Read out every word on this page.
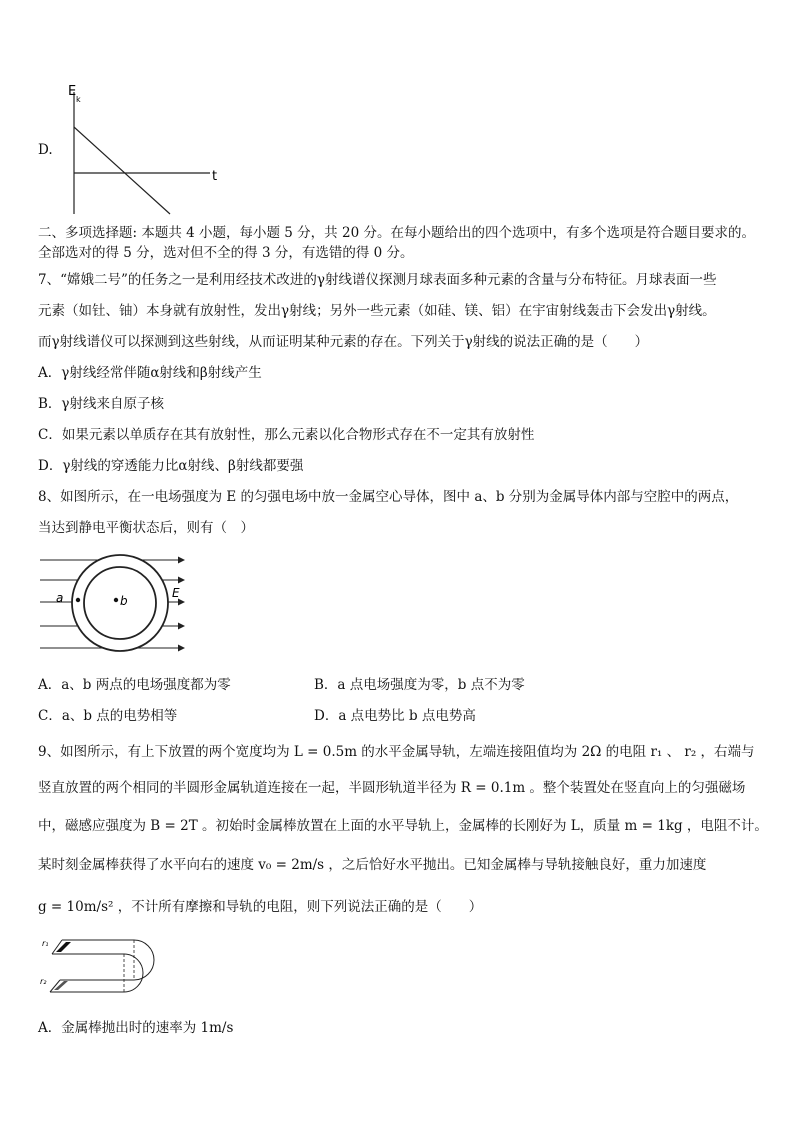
D.
E
k
t
二、多项选择题: 本题共 4 小题，每小题 5 分，共 20 分。在每小题给出的四个选项中，有多个选项是符合题目要求的。
全部选对的得 5 分，选对但不全的得 3 分，有选错的得 0 分。
7、“嫦娥二号”的任务之一是利用经技术改进的γ射线谱仪探测月球表面多种元素的含量与分布特征。月球表面一些
元素（如钍、铀）本身就有放射性，发出γ射线；另外一些元素（如硅、镁、铝）在宇宙射线轰击下会发出γ射线。
而γ射线谱仪可以探测到这些射线，从而证明某种元素的存在。下列关于γ射线的说法正确的是（　　）
A．γ射线经常伴随α射线和β射线产生
B．γ射线来自原子核
C．如果元素以单质存在其有放射性，那么元素以化合物形式存在不一定其有放射性
D．γ射线的穿透能力比α射线、β射线都要强
8、如图所示，在一电场强度为 E 的匀强电场中放一金属空心导体，图中 a、b 分别为金属导体内部与空腔中的两点，
当达到静电平衡状态后，则有（　）
a	b
E
A．a、b 两点的电场强度都为零	B．a 点电场强度为零，b 点不为零
C．a、b 点的电势相等	D．a 点电势比 b 点电势高
9、如图所示，有上下放置的两个宽度均为 L = 0.5m 的水平金属导轨，左端连接阻值均为 2Ω 的电阻 r₁ 、 r₂ ，右端与
竖直放置的两个相同的半圆形金属轨道连接在一起，半圆形轨道半径为 R = 0.1m 。整个装置处在竖直向上的匀强磁场
中，磁感应强度为 B = 2T 。初始时金属棒放置在上面的水平导轨上，金属棒的长刚好为 L，质量 m = 1kg ，电阻不计。
某时刻金属棒获得了水平向右的速度 v₀ = 2m/s ，之后恰好水平抛出。已知金属棒与导轨接触良好，重力加速度
g = 10m/s² ，不计所有摩擦和导轨的电阻，则下列说法正确的是（　　）
r₁
r₂
A．金属棒抛出时的速率为 1m/s
